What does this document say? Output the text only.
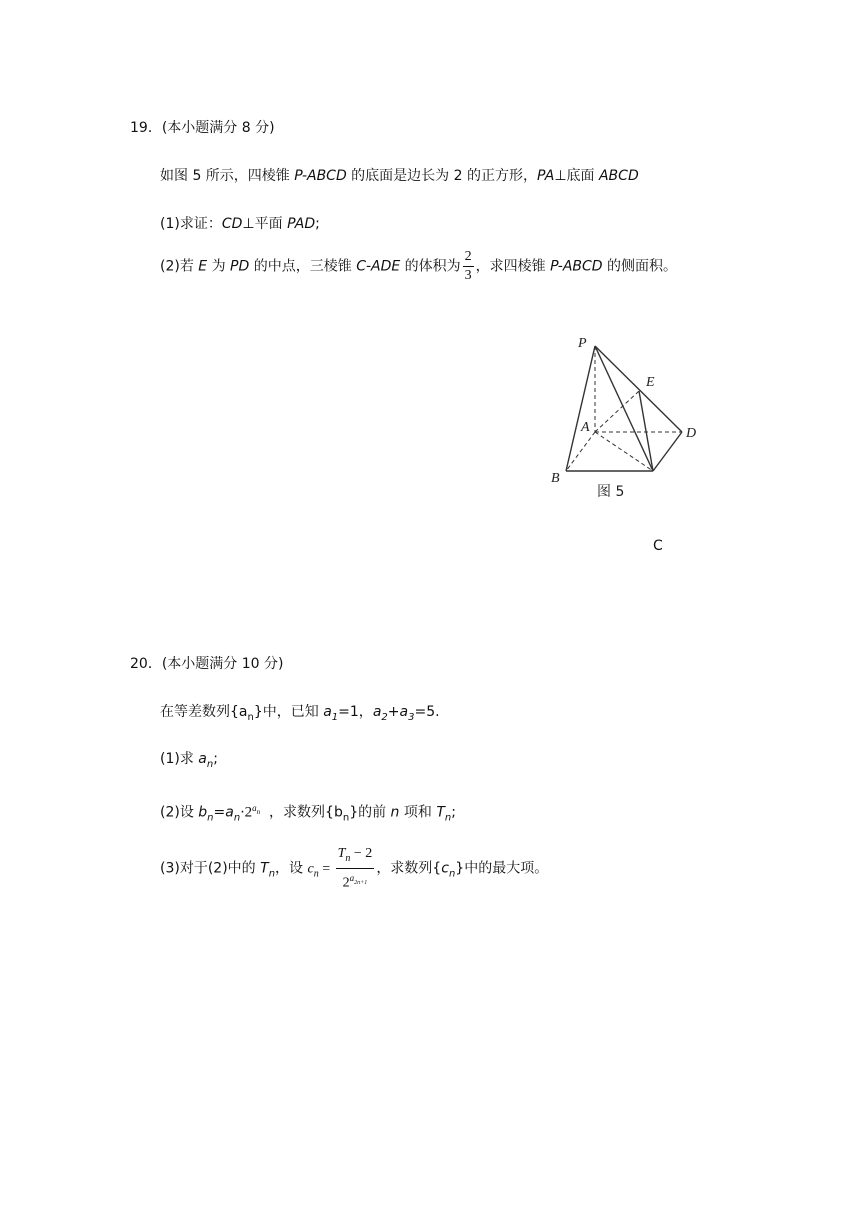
19．(本小题满分 8 分)
如图 5 所示，四棱锥 P-ABCD 的底面是边长为 2 的正方形，PA⊥底面 ABCD
(1)求证：CD⊥平面 PAD;
(2)若 E 为 PD 的中点，三棱锥 C-ADE 的体积为 $\frac{2}{3}$ ，求四棱锥 P-ABCD 的侧面积。
P
E
A	D
B
图 5
C
20．(本小题满分 10 分)
在等差数列$\{a_n\}$中，已知 $a_1=1$，$a_2+a_3=5$.
(1)求 $a_n$;
(2)设 $b_n=a_n\cdot 2^{a_n}$  ，求数列$\{b_n\}$的前 n 项和 $T_n$;
(3)对于(2)中的 $T_n$，设 $c_n = \frac{T_n - 2}{2^{a_{2n+1}}}$ ，求数列$\{c_n\}$中的最大项。
